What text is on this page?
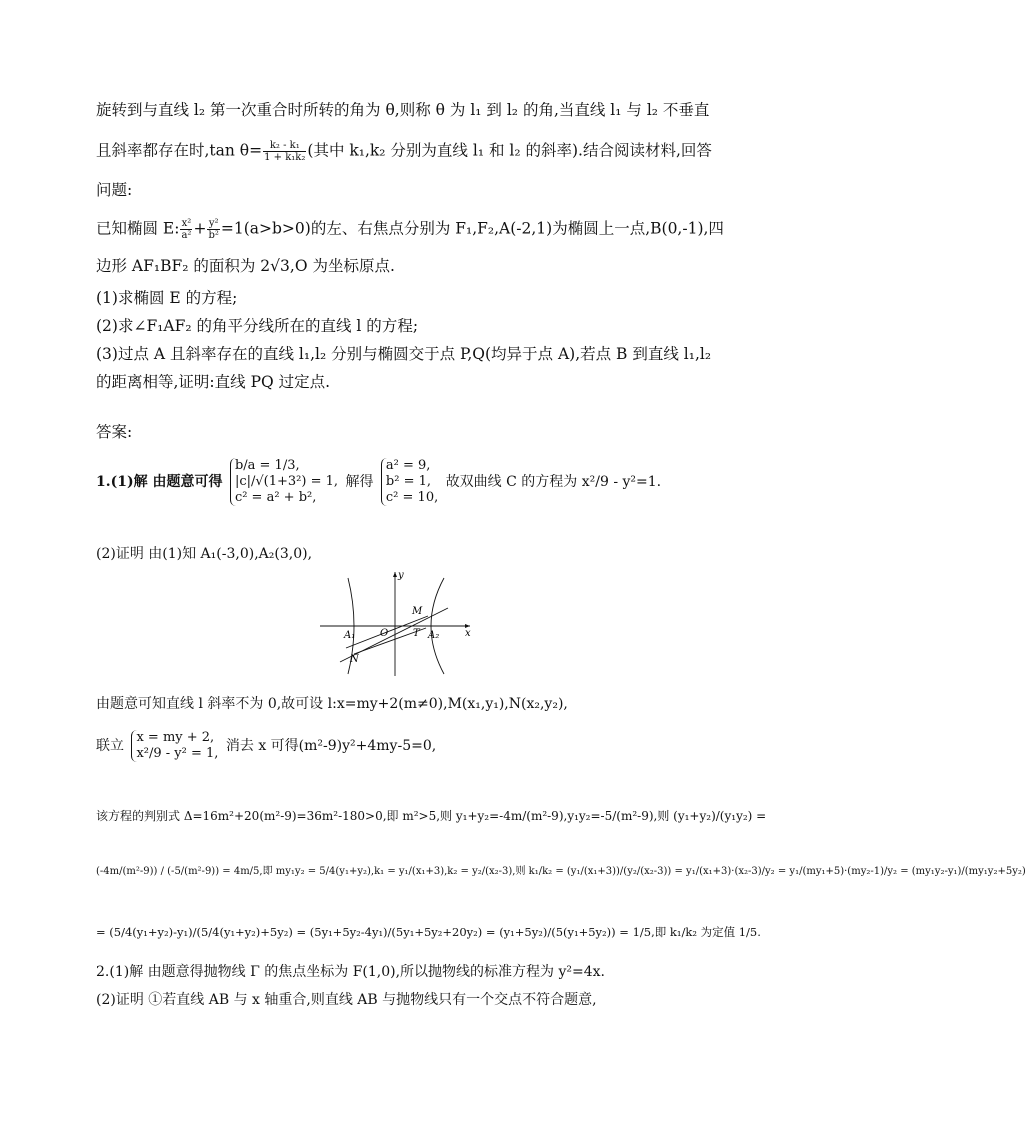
旋转到与直线 l₂ 第一次重合时所转的角为 θ,则称 θ 为 l₁ 到 l₂ 的角,当直线 l₁ 与 l₂ 不垂直
且斜率都存在时,tan $\theta= \frac{\text{k₂ - k₁}}{\text{1 + k₁k₂}}$ (其中 k₁,k₂ 分别为直线 l₁ 和 l₂ 的斜率).结合阅读材料,回答
问题:
已知椭圆 E: $\frac{\text{x²}}{\text{a²}} + \frac{\text{y²}}{\text{b²}} =1(a>b>0)$的左、右焦点分别为 F₁,F₂,A(-2,1)为椭圆上一点,B(0,-1),四
边形 AF₁BF₂ 的面积为 2√3,O 为坐标原点.
(1)求椭圆 E 的方程;
(2)求∠F₁AF₂ 的角平分线所在的直线 l 的方程;
(3)过点 A 且斜率存在的直线 l₁,l₂ 分别与椭圆交于点 P,Q(均异于点 A),若点 B 到直线 l₁,l₂
的距离相等,证明:直线 PQ 过定点.
答案:
1.(1)解 由题意可得
b/a = 1/3,
|c|/√(1+3²) = 1,
c² = a² + b²,
解得
a² = 9,
b² = 1,
c² = 10,
故双曲线 C 的方程为 x²/9 - y²=1.
(2)证明 由(1)知 A₁(-3,0),A₂(3,0),
y
x
M
A₁ O T A₂
N
由题意可知直线 l 斜率不为 0,故可设 l:x=my+2(m≠0),M(x₁,y₁),N(x₂,y₂),
联立
x = my + 2,
x²/9 - y² = 1, 消去 x 可得(m²-9)y²+4my-5=0,
该方程的判别式 Δ=16m²+20(m²-9)=36m²-180>0,即 m²>5,则 y₁+y₂=-4m/(m²-9),y₁y₂=-5/(m²-9),则 (y₁+y₂)/(y₁y₂) =
(-4m/(m²-9)) / (-5/(m²-9)) = 4m/5,即 my₁y₂ = 5/4(y₁+y₂),k₁ = y₁/(x₁+3),k₂ = y₂/(x₂-3),则 k₁/k₂ = (y₁/(x₁+3))/(y₂/(x₂-3)) = y₁/(x₁+3)·(x₂-3)/y₂ = y₁/(my₁+5)·(my₂-1)/y₂ = (my₁y₂-y₁)/(my₁y₂+5y₂)
= (5/4(y₁+y₂)-y₁)/(5/4(y₁+y₂)+5y₂) = (5y₁+5y₂-4y₁)/(5y₁+5y₂+20y₂) = (y₁+5y₂)/(5(y₁+5y₂)) = 1/5,即 k₁/k₂ 为定值 1/5.
2.(1)解 由题意得抛物线 Γ 的焦点坐标为 F(1,0),所以抛物线的标准方程为 y²=4x.
(2)证明 ①若直线 AB 与 x 轴重合,则直线 AB 与抛物线只有一个交点不符合题意,
